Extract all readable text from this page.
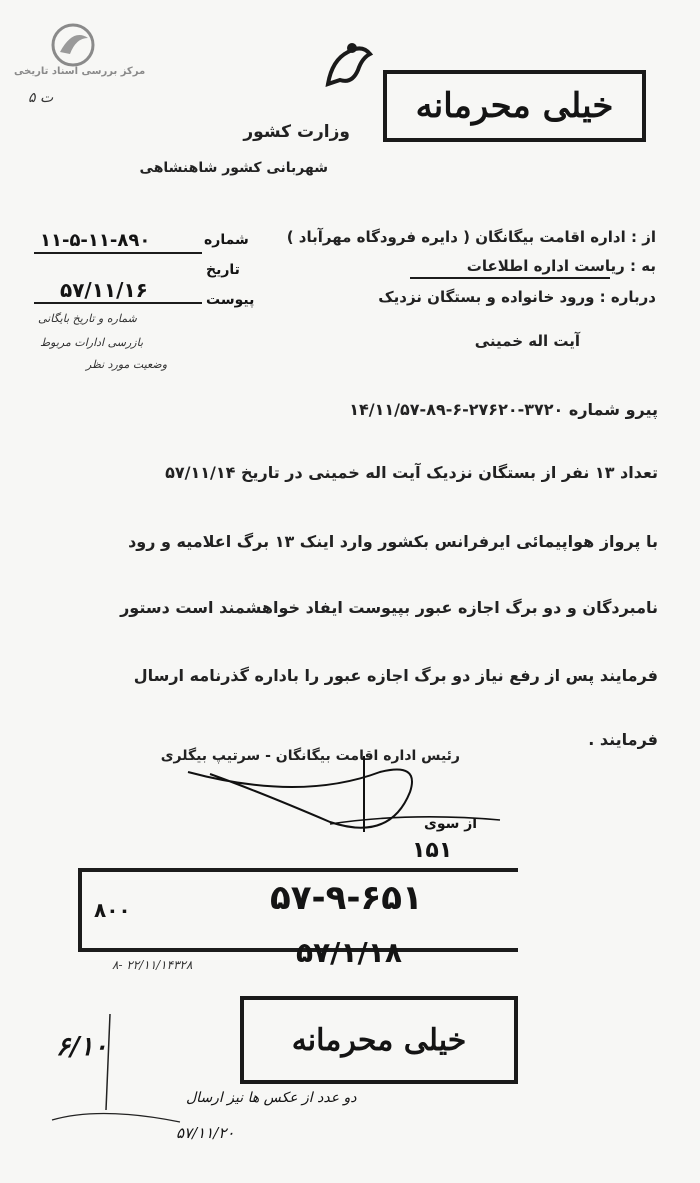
مرکز بررسی اسناد تاریخی
ت ۵	خیلی محرمانه
وزارت کشور
شهربانی کشور شاهنشاهی
شماره
۱۱-۵-۱۱-۸۹۰
تاریخ
۵۷/۱۱/۱۶	پیوست
شماره و تاریخ بایگانی
بازرسی ادارات مربوط
وضعیت مورد نظر
از : اداره اقامت بیگانگان ( دایره فرودگاه مهرآباد )
به : ریاست اداره اطلاعات
درباره : ورود خانواده و بستگان نزدیک
آیت اله خمینی
پیرو شماره ۳۷۲۰-۲۷۶۲۰-۶-۸۹-۱۴/۱۱/۵۷
تعداد ۱۳ نفر از بستگان نزدیک آیت اله خمینی در تاریخ ۵۷/۱۱/۱۴
با پرواز هواپیمائی ایرفرانس بکشور وارد اینک ۱۳ برگ اعلامیه و رود
نامبردگان و دو برگ اجازه عبور بپیوست ایفاد خواهشمند است دستور
فرمایند پس از رفع نیاز دو برگ اجازه عبور را باداره گذرنامه ارسال
فرمایند .
رئیس اداره اقامت بیگانگان - سرتیپ بیگلری
از سوی
۱۵۱
۸۰۰	۵۷-۹-۶۵۱
۵۷/۱/۱۸
۸- ۲۲/۱۱/۱۴۳۲۸
خیلی محرمانه
۶/۱۰
دو عدد از عکس ها نیز ارسال
۵۷/۱۱/۲۰
